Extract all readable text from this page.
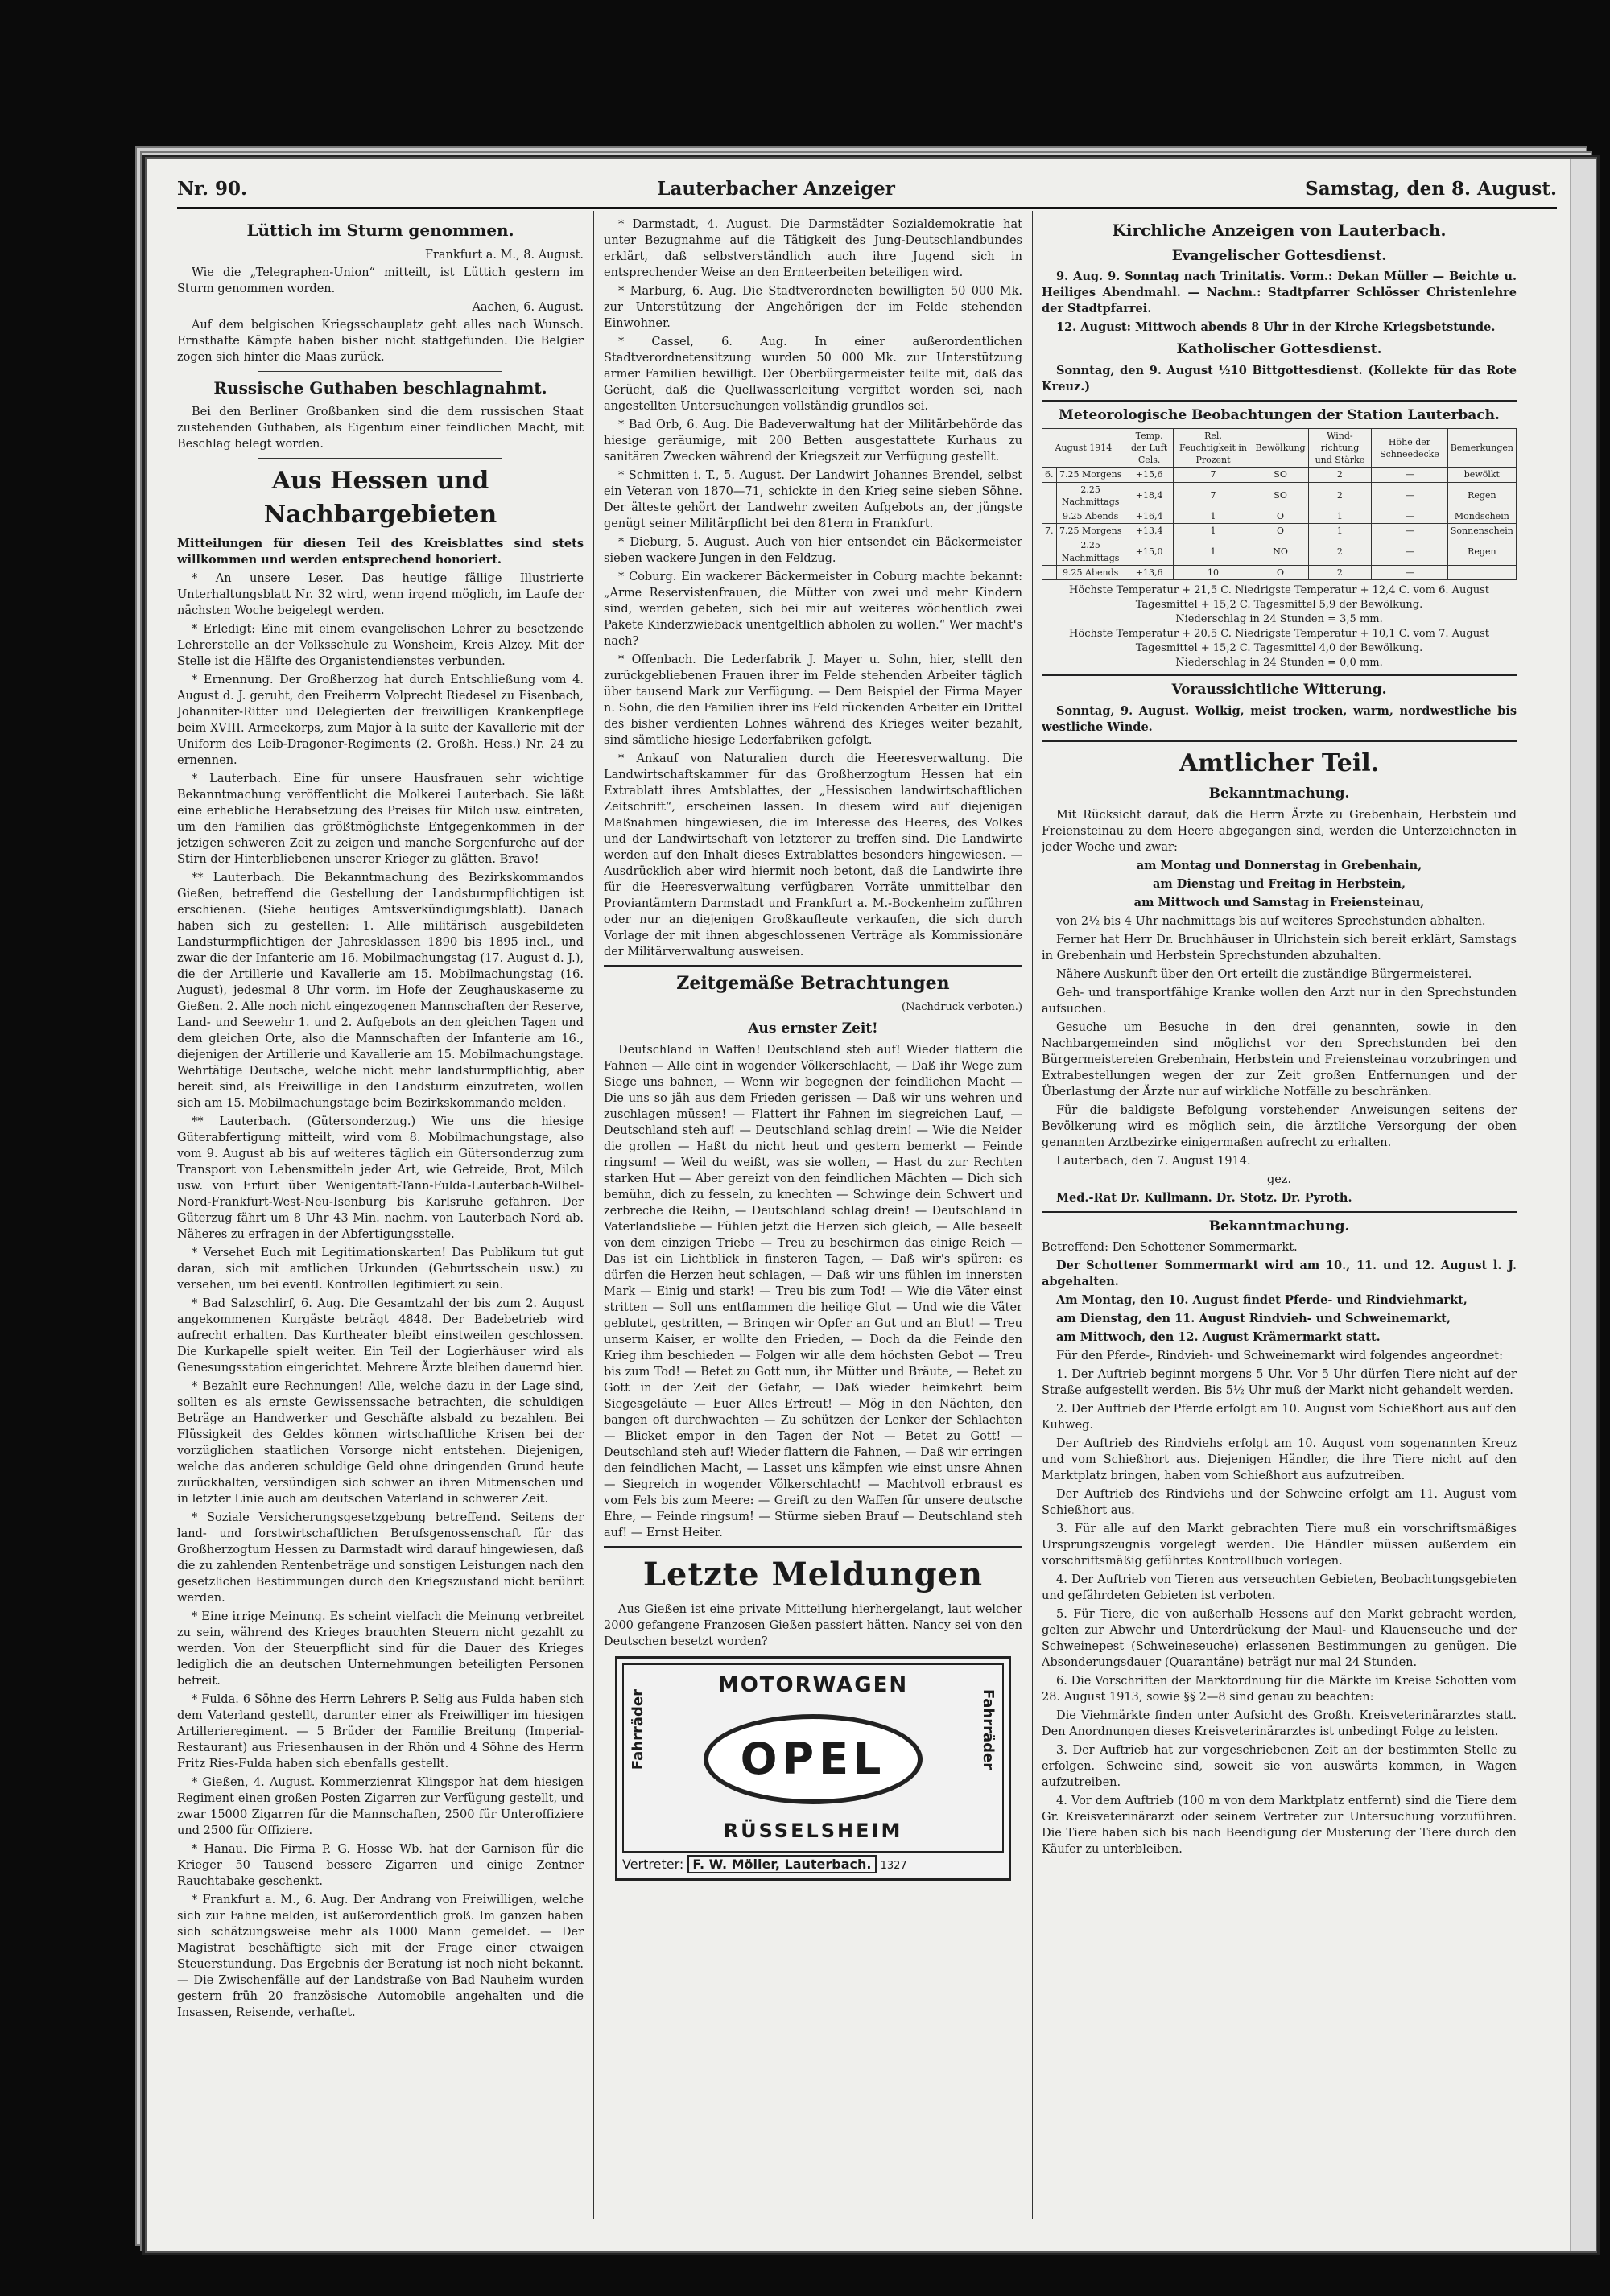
Nr. 90.	Lauterbacher Anzeiger	Samstag, den 8. August.
Lüttich im Sturm genommen.
Frankfurt a. M., 8. August.

Wie die „Telegraphen-Union“ mitteilt, ist Lüttich gestern im Sturm genommen worden.

Aachen, 6. August.

Auf dem belgischen Kriegsschauplatz geht alles nach Wunsch. Ernsthafte Kämpfe haben bisher nicht stattgefunden. Die Belgier zogen sich hinter die Maas zurück.

Russische Guthaben beschlagnahmt.

Bei den Berliner Großbanken sind die dem russischen Staat zustehenden Guthaben, als Eigentum einer feindlichen Macht, mit Beschlag belegt worden.

Aus Hessen und Nachbargebieten

Mitteilungen für diesen Teil des Kreisblattes sind stets willkommen und werden entsprechend honoriert.

* An unsere Leser. Das heutige fällige Illustrierte Unterhaltungsblatt Nr. 32 wird, wenn irgend möglich, im Laufe der nächsten Woche beigelegt werden.

* Erledigt: Eine mit einem evangelischen Lehrer zu besetzende Lehrerstelle an der Volksschule zu Wonsheim, Kreis Alzey. Mit der Stelle ist die Hälfte des Organistendienstes verbunden.

* Ernennung. Der Großherzog hat durch Entschließung vom 4. August d. J. geruht, den Freiherrn Volprecht Riedesel zu Eisenbach, Johanniter-Ritter und Delegierten der freiwilligen Krankenpflege beim XVIII. Armeekorps, zum Major à la suite der Kavallerie mit der Uniform des Leib-Dragoner-Regiments (2. Großh. Hess.) Nr. 24 zu ernennen.

* Lauterbach. Eine für unsere Hausfrauen sehr wichtige Bekanntmachung veröffentlicht die Molkerei Lauterbach. Sie läßt eine erhebliche Herabsetzung des Preises für Milch usw. eintreten, um den Familien das größtmöglichste Entgegenkommen in der jetzigen schweren Zeit zu zeigen und manche Sorgenfurche auf der Stirn der Hinterbliebenen unserer Krieger zu glätten. Bravo!

** Lauterbach. Die Bekanntmachung des Bezirkskommandos Gießen, betreffend die Gestellung der Landsturmpflichtigen ist erschienen. (Siehe heutiges Amtsverkündigungsblatt). Danach haben sich zu gestellen: 1. Alle militärisch ausgebildeten Landsturmpflichtigen der Jahresklassen 1890 bis 1895 incl., und zwar die der Infanterie am 16. Mobilmachungstag (17. August d. J.), die der Artillerie und Kavallerie am 15. Mobilmachungstag (16. August), jedesmal 8 Uhr vorm. im Hofe der Zeughauskaserne zu Gießen. 2. Alle noch nicht eingezogenen Mannschaften der Reserve, Land- und Seewehr 1. und 2. Aufgebots an den gleichen Tagen und dem gleichen Orte, also die Mannschaften der Infanterie am 16., diejenigen der Artillerie und Kavallerie am 15. Mobilmachungstage. Wehrtätige Deutsche, welche nicht mehr landsturmpflichtig, aber bereit sind, als Freiwillige in den Landsturm einzutreten, wollen sich am 15. Mobilmachungstage beim Bezirkskommando melden.

** Lauterbach. (Gütersonderzug.) Wie uns die hiesige Güterabfertigung mitteilt, wird vom 8. Mobilmachungstage, also vom 9. August ab bis auf weiteres täglich ein Gütersonderzug zum Transport von Lebensmitteln jeder Art, wie Getreide, Brot, Milch usw. von Erfurt über Wenigentaft-Tann-Fulda-Lauterbach-Wilbel-Nord-Frankfurt-West-Neu-Isenburg bis Karlsruhe gefahren. Der Güterzug fährt um 8 Uhr 43 Min. nachm. von Lauterbach Nord ab. Näheres zu erfragen in der Abfertigungsstelle.

* Versehet Euch mit Legitimationskarten! Das Publikum tut gut daran, sich mit amtlichen Urkunden (Geburtsschein usw.) zu versehen, um bei eventl. Kontrollen legitimiert zu sein.

* Bad Salzschlirf, 6. Aug. Die Gesamtzahl der bis zum 2. August angekommenen Kurgäste beträgt 4848. Der Badebetrieb wird aufrecht erhalten. Das Kurtheater bleibt einstweilen geschlossen. Die Kurkapelle spielt weiter. Ein Teil der Logierhäuser wird als Genesungsstation eingerichtet. Mehrere Ärzte bleiben dauernd hier.

* Bezahlt eure Rechnungen! Alle, welche dazu in der Lage sind, sollten es als ernste Gewissenssache betrachten, die schuldigen Beträge an Handwerker und Geschäfte alsbald zu bezahlen. Bei Flüssigkeit des Geldes können wirtschaftliche Krisen bei der vorzüglichen staatlichen Vorsorge nicht entstehen. Diejenigen, welche das anderen schuldige Geld ohne dringenden Grund heute zurückhalten, versündigen sich schwer an ihren Mitmenschen und in letzter Linie auch am deutschen Vaterland in schwerer Zeit.

* Soziale Versicherungsgesetzgebung betreffend. Seitens der land- und forstwirtschaftlichen Berufsgenossenschaft für das Großherzogtum Hessen zu Darmstadt wird darauf hingewiesen, daß die zu zahlenden Rentenbeträge und sonstigen Leistungen nach den gesetzlichen Bestimmungen durch den Kriegszustand nicht berührt werden.

* Eine irrige Meinung. Es scheint vielfach die Meinung verbreitet zu sein, während des Krieges brauchten Steuern nicht gezahlt zu werden. Von der Steuerpflicht sind für die Dauer des Krieges lediglich die an deutschen Unternehmungen beteiligten Personen befreit.

* Fulda. 6 Söhne des Herrn Lehrers P. Selig aus Fulda haben sich dem Vaterland gestellt, darunter einer als Freiwilliger im hiesigen Artillerieregiment. — 5 Brüder der Familie Breitung (Imperial-Restaurant) aus Friesenhausen in der Rhön und 4 Söhne des Herrn Fritz Ries-Fulda haben sich ebenfalls gestellt.

* Gießen, 4. August. Kommerzienrat Klingspor hat dem hiesigen Regiment einen großen Posten Zigarren zur Verfügung gestellt, und zwar 15000 Zigarren für die Mannschaften, 2500 für Unteroffiziere und 2500 für Offiziere.

* Hanau. Die Firma P. G. Hosse Wb. hat der Garnison für die Krieger 50 Tausend bessere Zigarren und einige Zentner Rauchtabake geschenkt.

* Frankfurt a. M., 6. Aug. Der Andrang von Freiwilligen, welche sich zur Fahne melden, ist außerordentlich groß. Im ganzen haben sich schätzungsweise mehr als 1000 Mann gemeldet. — Der Magistrat beschäftigte sich mit der Frage einer etwaigen Steuerstundung. Das Ergebnis der Beratung ist noch nicht bekannt. — Die Zwischenfälle auf der Landstraße von Bad Nauheim wurden gestern früh 20 französische Automobile angehalten und die Insassen, Reisende, verhaftet.

* Darmstadt, 4. August. Die Darmstädter Sozialdemokratie hat unter Bezugnahme auf die Tätigkeit des Jung-Deutschlandbundes erklärt, daß selbstverständlich auch ihre Jugend sich in entsprechender Weise an den Ernteerbeiten beteiligen wird.

* Marburg, 6. Aug. Die Stadtverordneten bewilligten 50 000 Mk. zur Unterstützung der Angehörigen der im Felde stehenden Einwohner.

* Cassel, 6. Aug. In einer außerordentlichen Stadtverordnetensitzung wurden 50 000 Mk. zur Unterstützung armer Familien bewilligt. Der Oberbürgermeister teilte mit, daß das Gerücht, daß die Quellwasserleitung vergiftet worden sei, nach angestellten Untersuchungen vollständig grundlos sei.

* Bad Orb, 6. Aug. Die Badeverwaltung hat der Militärbehörde das hiesige geräumige, mit 200 Betten ausgestattete Kurhaus zu sanitären Zwecken während der Kriegszeit zur Verfügung gestellt.

* Schmitten i. T., 5. August. Der Landwirt Johannes Brendel, selbst ein Veteran von 1870—71, schickte in den Krieg seine sieben Söhne. Der älteste gehört der Landwehr zweiten Aufgebots an, der jüngste genügt seiner Militärpflicht bei den 81ern in Frankfurt.

* Dieburg, 5. August. Auch von hier entsendet ein Bäckermeister sieben wackere Jungen in den Feldzug.

* Coburg. Ein wackerer Bäckermeister in Coburg machte bekannt: „Arme Reservistenfrauen, die Mütter von zwei und mehr Kindern sind, werden gebeten, sich bei mir auf weiteres wöchentlich zwei Pakete Kinderzwieback unentgeltlich abholen zu wollen.“ Wer macht's nach?

* Offenbach. Die Lederfabrik J. Mayer u. Sohn, hier, stellt den zurückgebliebenen Frauen ihrer im Felde stehenden Arbeiter täglich über tausend Mark zur Verfügung. — Dem Beispiel der Firma Mayer n. Sohn, die den Familien ihrer ins Feld rückenden Arbeiter ein Drittel des bisher verdienten Lohnes während des Krieges weiter bezahlt, sind sämtliche hiesige Lederfabriken gefolgt.

* Ankauf von Naturalien durch die Heeresverwaltung. Die Landwirtschaftskammer für das Großherzogtum Hessen hat ein Extrablatt ihres Amtsblattes, der „Hessischen landwirtschaftlichen Zeitschrift“, erscheinen lassen. In diesem wird auf diejenigen Maßnahmen hingewiesen, die im Interesse des Heeres, des Volkes und der Landwirtschaft von letzterer zu treffen sind. Die Landwirte werden auf den Inhalt dieses Extrablattes besonders hingewiesen. — Ausdrücklich aber wird hiermit noch betont, daß die Landwirte ihre für die Heeresverwaltung verfügbaren Vorräte unmittelbar den Proviantämtern Darmstadt und Frankfurt a. M.-Bockenheim zuführen oder nur an diejenigen Großkaufleute verkaufen, die sich durch Vorlage der mit ihnen abgeschlossenen Verträge als Kommissionäre der Militärverwaltung ausweisen.

Zeitgemäße Betrachtungen
(Nachdruck verboten.)
Aus ernster Zeit!

Deutschland in Waffen! Deutschland steh auf! Wieder flattern die Fahnen — Alle eint in wogender Völkerschlacht, — Daß ihr Wege zum Siege uns bahnen, — Wenn wir begegnen der feindlichen Macht — Die uns so jäh aus dem Frieden gerissen — Daß wir uns wehren und zuschlagen müssen! — Flattert ihr Fahnen im siegreichen Lauf, — Deutschland steh auf! — Deutschland schlag drein! — Wie die Neider die grollen — Haßt du nicht heut und gestern bemerkt — Feinde ringsum! — Weil du weißt, was sie wollen, — Hast du zur Rechten starken Hut — Aber gereizt von den feindlichen Mächten — Dich sich bemühn, dich zu fesseln, zu knechten — Schwinge dein Schwert und zerbreche die Reihn, — Deutschland schlag drein! — Deutschland in Vaterlandsliebe — Fühlen jetzt die Herzen sich gleich, — Alle beseelt von dem einzigen Triebe — Treu zu beschirmen das einige Reich — Das ist ein Lichtblick in finsteren Tagen, — Daß wir's spüren: es dürfen die Herzen heut schlagen, — Daß wir uns fühlen im innersten Mark — Einig und stark! — Treu bis zum Tod! — Wie die Väter einst stritten — Soll uns entflammen die heilige Glut — Und wie die Väter geblutet, gestritten, — Bringen wir Opfer an Gut und an Blut! — Treu unserm Kaiser, er wollte den Frieden, — Doch da die Feinde den Krieg ihm beschieden — Folgen wir alle dem höchsten Gebot — Treu bis zum Tod! — Betet zu Gott nun, ihr Mütter und Bräute, — Betet zu Gott in der Zeit der Gefahr, — Daß wieder heimkehrt beim Siegesgeläute — Euer Alles Erfreut! — Mög in den Nächten, den bangen oft durchwachten — Zu schützen der Lenker der Schlachten — Blicket empor in den Tagen der Not — Betet zu Gott! — Deutschland steh auf! Wieder flattern die Fahnen, — Daß wir erringen den feindlichen Macht, — Lasset uns kämpfen wie einst unsre Ahnen — Siegreich in wogender Völkerschlacht! — Machtvoll erbraust es vom Fels bis zum Meere: — Greift zu den Waffen für unsere deutsche Ehre, — Feinde ringsum! — Stürme sieben Brauf — Deutschland steh auf! — Ernst Heiter.

Letzte Meldungen

Aus Gießen ist eine private Mitteilung hierhergelangt, laut welcher 2000 gefangene Franzosen Gießen passiert hätten. Nancy sei von den Deutschen besetzt worden?

Fahrräder	Fahrräder
MOTORWAGEN
OPEL
RÜSSELSHEIM
Vertreter: F. W. Möller, Lauterbach. 1327
Kirchliche Anzeigen von Lauterbach.
Evangelischer Gottesdienst.

9. Aug. 9. Sonntag nach Trinitatis. Vorm.: Dekan Müller — Beichte u. Heiliges Abendmahl. — Nachm.: Stadtpfarrer Schlösser Christenlehre der Stadtpfarrei.

12. August: Mittwoch abends 8 Uhr in der Kirche Kriegsbetstunde.

Katholischer Gottesdienst.

Sonntag, den 9. August ½10 Bittgottesdienst. (Kollekte für das Rote Kreuz.)

Meteorologische Beobachtungen der Station Lauterbach.
August 1914		Temp. der Luft Cels.	Rel. Feuchtigkeit in Prozent	Bewölkung	Wind-richtung und Stärke	Höhe der Schneedecke	Bemerkungen
6.	7.25 Morgens	+15,6	7	SO	2	—	bewölkt
	2.25 Nachmittags	+18,4	7	SO	2	—	Regen
	9.25 Abends	+16,4	1	O	1	—	Mondschein
7.	7.25 Morgens	+13,4	1	O	1	—	Sonnenschein
	2.25 Nachmittags	+15,0	1	NO	2	—	Regen
	9.25 Abends	+13,6	10	O	2	—	
Höchste Temperatur + 21,5 C. Niedrigste Temperatur + 12,4 C. vom 6. August
Tagesmittel + 15,2 C. Tagesmittel 5,9 der Bewölkung.
Niederschlag in 24 Stunden = 3,5 mm.
Höchste Temperatur + 20,5 C. Niedrigste Temperatur + 10,1 C. vom 7. August
Tagesmittel + 15,2 C. Tagesmittel 4,0 der Bewölkung.
Niederschlag in 24 Stunden = 0,0 mm.
Voraussichtliche Witterung.

Sonntag, 9. August. Wolkig, meist trocken, warm, nordwestliche bis westliche Winde.

Amtlicher Teil.
Bekanntmachung.

Mit Rücksicht darauf, daß die Herrn Ärzte zu Grebenhain, Herbstein und Freiensteinau zu dem Heere abgegangen sind, werden die Unterzeichneten in jeder Woche und zwar:

am Montag und Donnerstag in Grebenhain,

am Dienstag und Freitag in Herbstein,

am Mittwoch und Samstag in Freiensteinau,

von 2½ bis 4 Uhr nachmittags bis auf weiteres Sprechstunden abhalten.

Ferner hat Herr Dr. Bruchhäuser in Ulrichstein sich bereit erklärt, Samstags in Grebenhain und Herbstein Sprechstunden abzuhalten.

Nähere Auskunft über den Ort erteilt die zuständige Bürgermeisterei.

Geh- und transportfähige Kranke wollen den Arzt nur in den Sprechstunden aufsuchen.

Gesuche um Besuche in den drei genannten, sowie in den Nachbargemeinden sind möglichst vor den Sprechstunden bei den Bürgermeistereien Grebenhain, Herbstein und Freiensteinau vorzubringen und Extrabestellungen wegen der zur Zeit großen Entfernungen und der Überlastung der Ärzte nur auf wirkliche Notfälle zu beschränken.

Für die baldigste Befolgung vorstehender Anweisungen seitens der Bevölkerung wird es möglich sein, die ärztliche Versorgung der oben genannten Arztbezirke einigermaßen aufrecht zu erhalten.

Lauterbach, den 7. August 1914.

gez.

Med.-Rat Dr. Kullmann. Dr. Stotz. Dr. Pyroth.

Bekanntmachung.

Betreffend: Den Schottener Sommermarkt.

Der Schottener Sommermarkt wird am 10., 11. und 12. August l. J. abgehalten.

Am Montag, den 10. August findet Pferde- und Rindviehmarkt,

am Dienstag, den 11. August Rindvieh- und Schweinemarkt,

am Mittwoch, den 12. August Krämermarkt statt.

Für den Pferde-, Rindvieh- und Schweinemarkt wird folgendes angeordnet:

1. Der Auftrieb beginnt morgens 5 Uhr. Vor 5 Uhr dürfen Tiere nicht auf der Straße aufgestellt werden. Bis 5½ Uhr muß der Markt nicht gehandelt werden.

2. Der Auftrieb der Pferde erfolgt am 10. August vom Schießhort aus auf den Kuhweg.

Der Auftrieb des Rindviehs erfolgt am 10. August vom sogenannten Kreuz und vom Schießhort aus. Diejenigen Händler, die ihre Tiere nicht auf den Marktplatz bringen, haben vom Schießhort aus aufzutreiben.

Der Auftrieb des Rindviehs und der Schweine erfolgt am 11. August vom Schießhort aus.

3. Für alle auf den Markt gebrachten Tiere muß ein vorschriftsmäßiges Ursprungszeugnis vorgelegt werden. Die Händler müssen außerdem ein vorschriftsmäßig geführtes Kontrollbuch vorlegen.

4. Der Auftrieb von Tieren aus verseuchten Gebieten, Beobachtungsgebieten und gefährdeten Gebieten ist verboten.

5. Für Tiere, die von außerhalb Hessens auf den Markt gebracht werden, gelten zur Abwehr und Unterdrückung der Maul- und Klauenseuche und der Schweinepest (Schweineseuche) erlassenen Bestimmungen zu genügen. Die Absonderungsdauer (Quarantäne) beträgt nur mal 24 Stunden.

6. Die Vorschriften der Marktordnung für die Märkte im Kreise Schotten vom 28. August 1913, sowie §§ 2—8 sind genau zu beachten:

Die Viehmärkte finden unter Aufsicht des Großh. Kreisveterinärarztes statt. Den Anordnungen dieses Kreisveterinärarztes ist unbedingt Folge zu leisten.

3. Der Auftrieb hat zur vorgeschriebenen Zeit an der bestimmten Stelle zu erfolgen. Schweine sind, soweit sie von auswärts kommen, in Wagen aufzutreiben.

4. Vor dem Auftrieb (100 m von dem Marktplatz entfernt) sind die Tiere dem Gr. Kreisveterinärarzt oder seinem Vertreter zur Untersuchung vorzuführen. Die Tiere haben sich bis nach Beendigung der Musterung der Tiere durch den Käufer zu unterbleiben.
